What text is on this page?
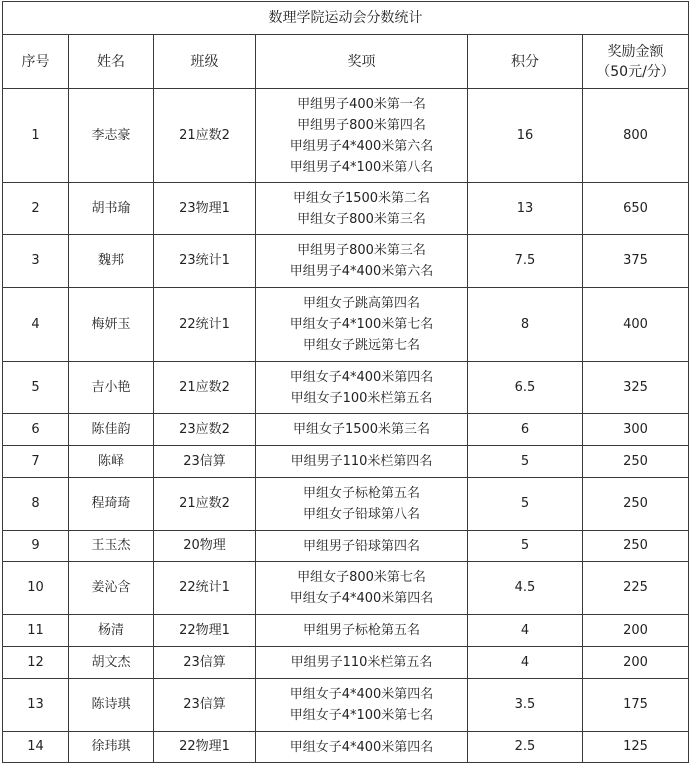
数理学院运动会分数统计					
序号	姓名	班级	奖项	积分	奖励金额
（50元/分）

1	李志豪	21应数2	甲组男子400米第一名
甲组男子800米第四名
甲组男子4*400米第六名
甲组男子4*100米第八名	16	800
2	胡书瑜	23物理1	甲组女子1500米第二名
甲组女子800米第三名	13	650
3	魏邦	23统计1	甲组男子800米第三名
甲组男子4*400米第六名	7.5	375
4	梅妍玉	22统计1	甲组女子跳高第四名
甲组女子4*100米第七名
甲组女子跳远第七名	8	400
5	吉小艳	21应数2	甲组女子4*400米第四名
甲组女子100米栏第五名	6.5	325
6	陈佳韵	23应数2	甲组女子1500米第三名	6	300
7	陈峄	23信算	甲组男子110米栏第四名	5	250
8	程琦琦	21应数2	甲组女子标枪第五名
甲组女子铅球第八名	5	250
9	王玉杰	20物理	甲组男子铅球第四名	5	250
10	姜沁含	22统计1	甲组女子800米第七名
甲组女子4*400米第四名	4.5	225
11	杨清	22物理1	甲组男子标枪第五名	4	200
12	胡文杰	23信算	甲组男子110米栏第五名	4	200
13	陈诗琪	23信算	甲组女子4*400米第四名
甲组女子4*100米第七名	3.5	175
14	徐玮琪	22物理1	甲组女子4*400米第四名	2.5	125
